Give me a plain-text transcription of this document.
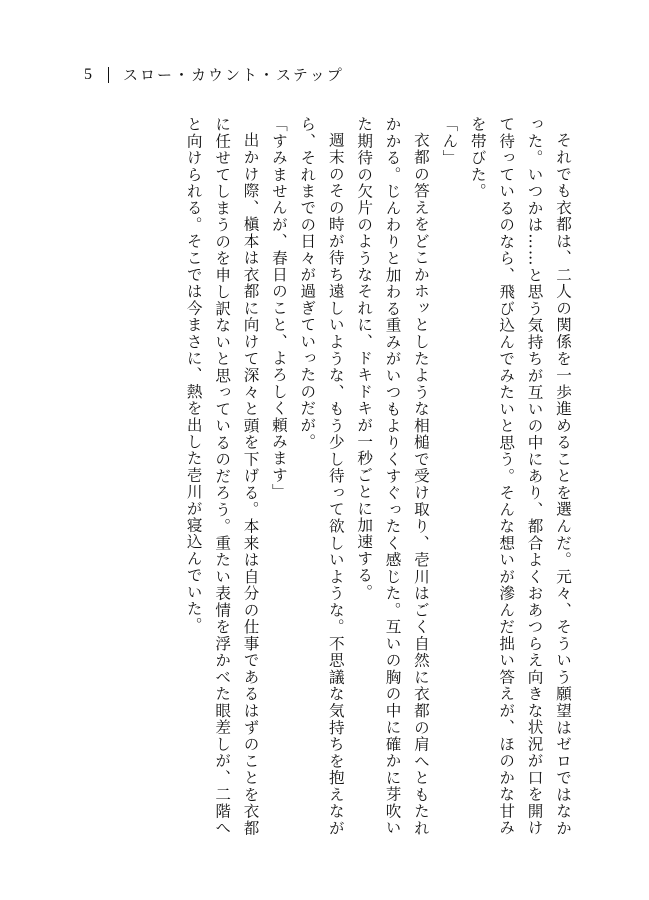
5 スロー・カウント・ステップ

それでも衣都は、二人の関係を一歩進めることを選んだ。元々、そういう願望はゼロではなかった。いつかは……と思う気持ちが互いの中にあり、都合よくおあつらえ向きな状況が口を開けて待っているのなら、飛び込んでみたいと思う。そんな想いが滲んだ拙い答えが、ほのかな甘みを帯びた。

「ん」

衣都の答えをどこかホッとしたような相槌で受け取り、壱川はごく自然に衣都の肩へともたれかかる。じんわりと加わる重みがいつもよりくすぐったく感じた。互いの胸の中に確かに芽吹いた期待の欠片のようなそれに、ドキドキが一秒ごとに加速する。

週末のその時が待ち遠しいような、もう少し待って欲しいような。不思議な気持ちを抱えながら、それまでの日々が過ぎていったのだが。

「すみませんが、春日のこと、よろしく頼みます」

出かけ際、槇本は衣都に向けて深々と頭を下げる。本来は自分の仕事であるはずのことを衣都に任せてしまうのを申し訳ないと思っているのだろう。重たい表情を浮かべた眼差しが、二階へと向けられる。そこでは今まさに、熱を出した壱川が寝込んでいた。
